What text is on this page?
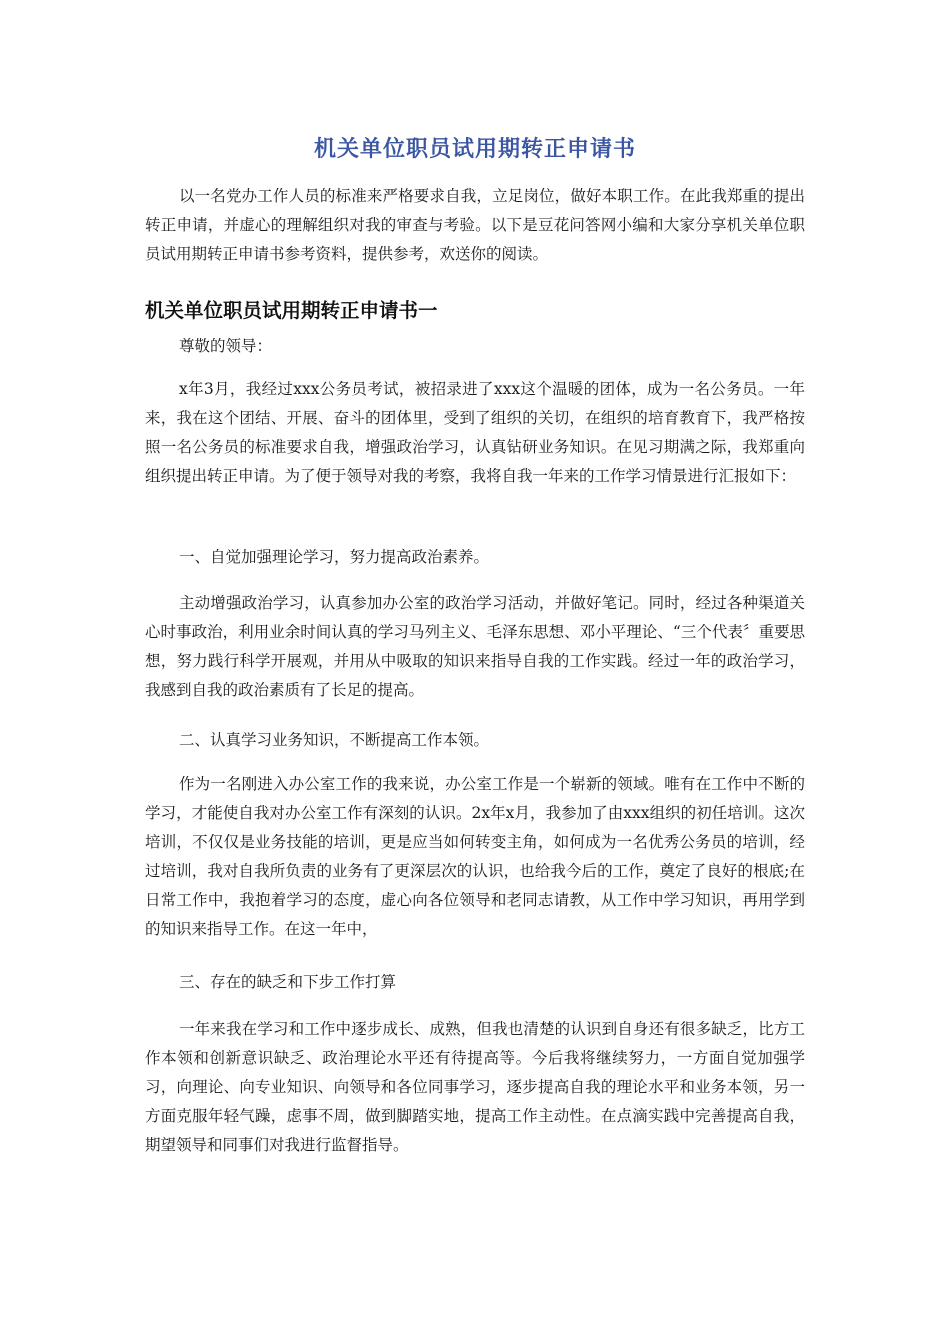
机关单位职员试用期转正申请书

以一名党办工作人员的标准来严格要求自我，立足岗位，做好本职工作。在此我郑重的提出转正申请，并虚心的理解组织对我的审查与考验。以下是豆花问答网小编和大家分享机关单位职员试用期转正申请书参考资料，提供参考，欢送你的阅读。

机关单位职员试用期转正申请书一

尊敬的领导：

x年3月，我经过xxx公务员考试，被招录进了xxx这个温暖的团体，成为一名公务员。一年来，我在这个团结、开展、奋斗的团体里，受到了组织的关切，在组织的培育教育下，我严格按照一名公务员的标准要求自我，增强政治学习，认真钻研业务知识。在见习期满之际，我郑重向组织提出转正申请。为了便于领导对我的考察，我将自我一年来的工作学习情景进行汇报如下：

一、自觉加强理论学习，努力提高政治素养。

主动增强政治学习，认真参加办公室的政治学习活动，并做好笔记。同时，经过各种渠道关心时事政治，利用业余时间认真的学习马列主义、毛泽东思想、邓小平理论、“三个代表〞重要思想，努力践行科学开展观，并用从中吸取的知识来指导自我的工作实践。经过一年的政治学习，我感到自我的政治素质有了长足的提高。

二、认真学习业务知识，不断提高工作本领。

作为一名刚进入办公室工作的我来说，办公室工作是一个崭新的领域。唯有在工作中不断的学习，才能使自我对办公室工作有深刻的认识。2x年x月，我参加了由xxx组织的初任培训。这次培训，不仅仅是业务技能的培训，更是应当如何转变主角，如何成为一名优秀公务员的培训，经过培训，我对自我所负责的业务有了更深层次的认识，也给我今后的工作，奠定了良好的根底;在日常工作中，我抱着学习的态度，虚心向各位领导和老同志请教，从工作中学习知识，再用学到的知识来指导工作。在这一年中，

三、存在的缺乏和下步工作打算

一年来我在学习和工作中逐步成长、成熟，但我也清楚的认识到自身还有很多缺乏，比方工作本领和创新意识缺乏、政治理论水平还有待提高等。今后我将继续努力，一方面自觉加强学习，向理论、向专业知识、向领导和各位同事学习，逐步提高自我的理论水平和业务本领，另一方面克服年轻气躁，虑事不周，做到脚踏实地，提高工作主动性。在点滴实践中完善提高自我，期望领导和同事们对我进行监督指导。
